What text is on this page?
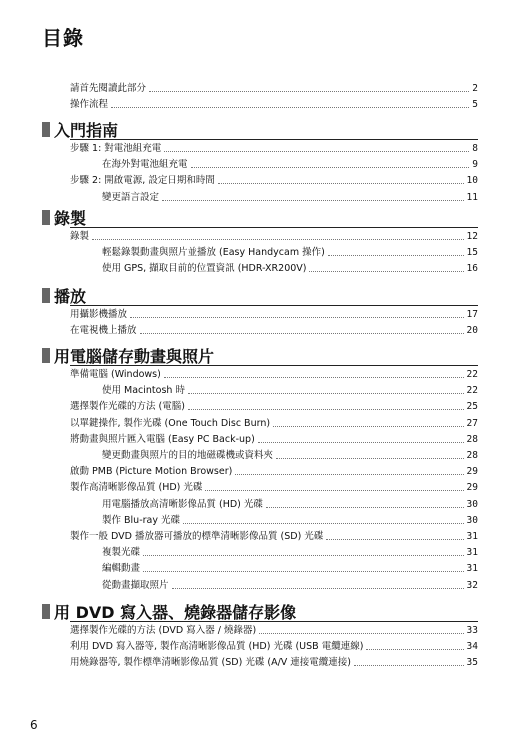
目錄
請首先閱讀此部分	2
操作流程	5
入門指南
步驟 1: 對電池組充電	8
在海外對電池組充電	9
步驟 2: 開啟電源, 設定日期和時間	10
變更語言設定	11
錄製
錄製	12
輕鬆錄製動畫與照片並播放 (Easy Handycam 操作)	15
使用 GPS, 擷取目前的位置資訊 (HDR-XR200V)	16
播放
用攝影機播放	17
在電視機上播放	20
用電腦儲存動畫與照片
準備電腦 (Windows)	22
使用 Macintosh 時	22
選擇製作光碟的方法 (電腦)	25
以單鍵操作, 製作光碟 (One Touch Disc Burn)	27
將動畫與照片匯入電腦 (Easy PC Back-up)	28
變更動畫與照片的目的地磁碟機或資料夾	28
啟動 PMB (Picture Motion Browser)	29
製作高清晰影像品質 (HD) 光碟	29
用電腦播放高清晰影像品質 (HD) 光碟	30
製作 Blu-ray 光碟	30
製作一般 DVD 播放器可播放的標準清晰影像品質 (SD) 光碟	31
複製光碟	31
編輯動畫	31
從動畫擷取照片	32
用 DVD 寫入器、燒錄器儲存影像
選擇製作光碟的方法 (DVD 寫入器 / 燒錄器)	33
利用 DVD 寫入器等, 製作高清晰影像品質 (HD) 光碟 (USB 電纜連線)	34
用燒錄器等, 製作標準清晰影像品質 (SD) 光碟 (A/V 連接電纜連接)	35
6
